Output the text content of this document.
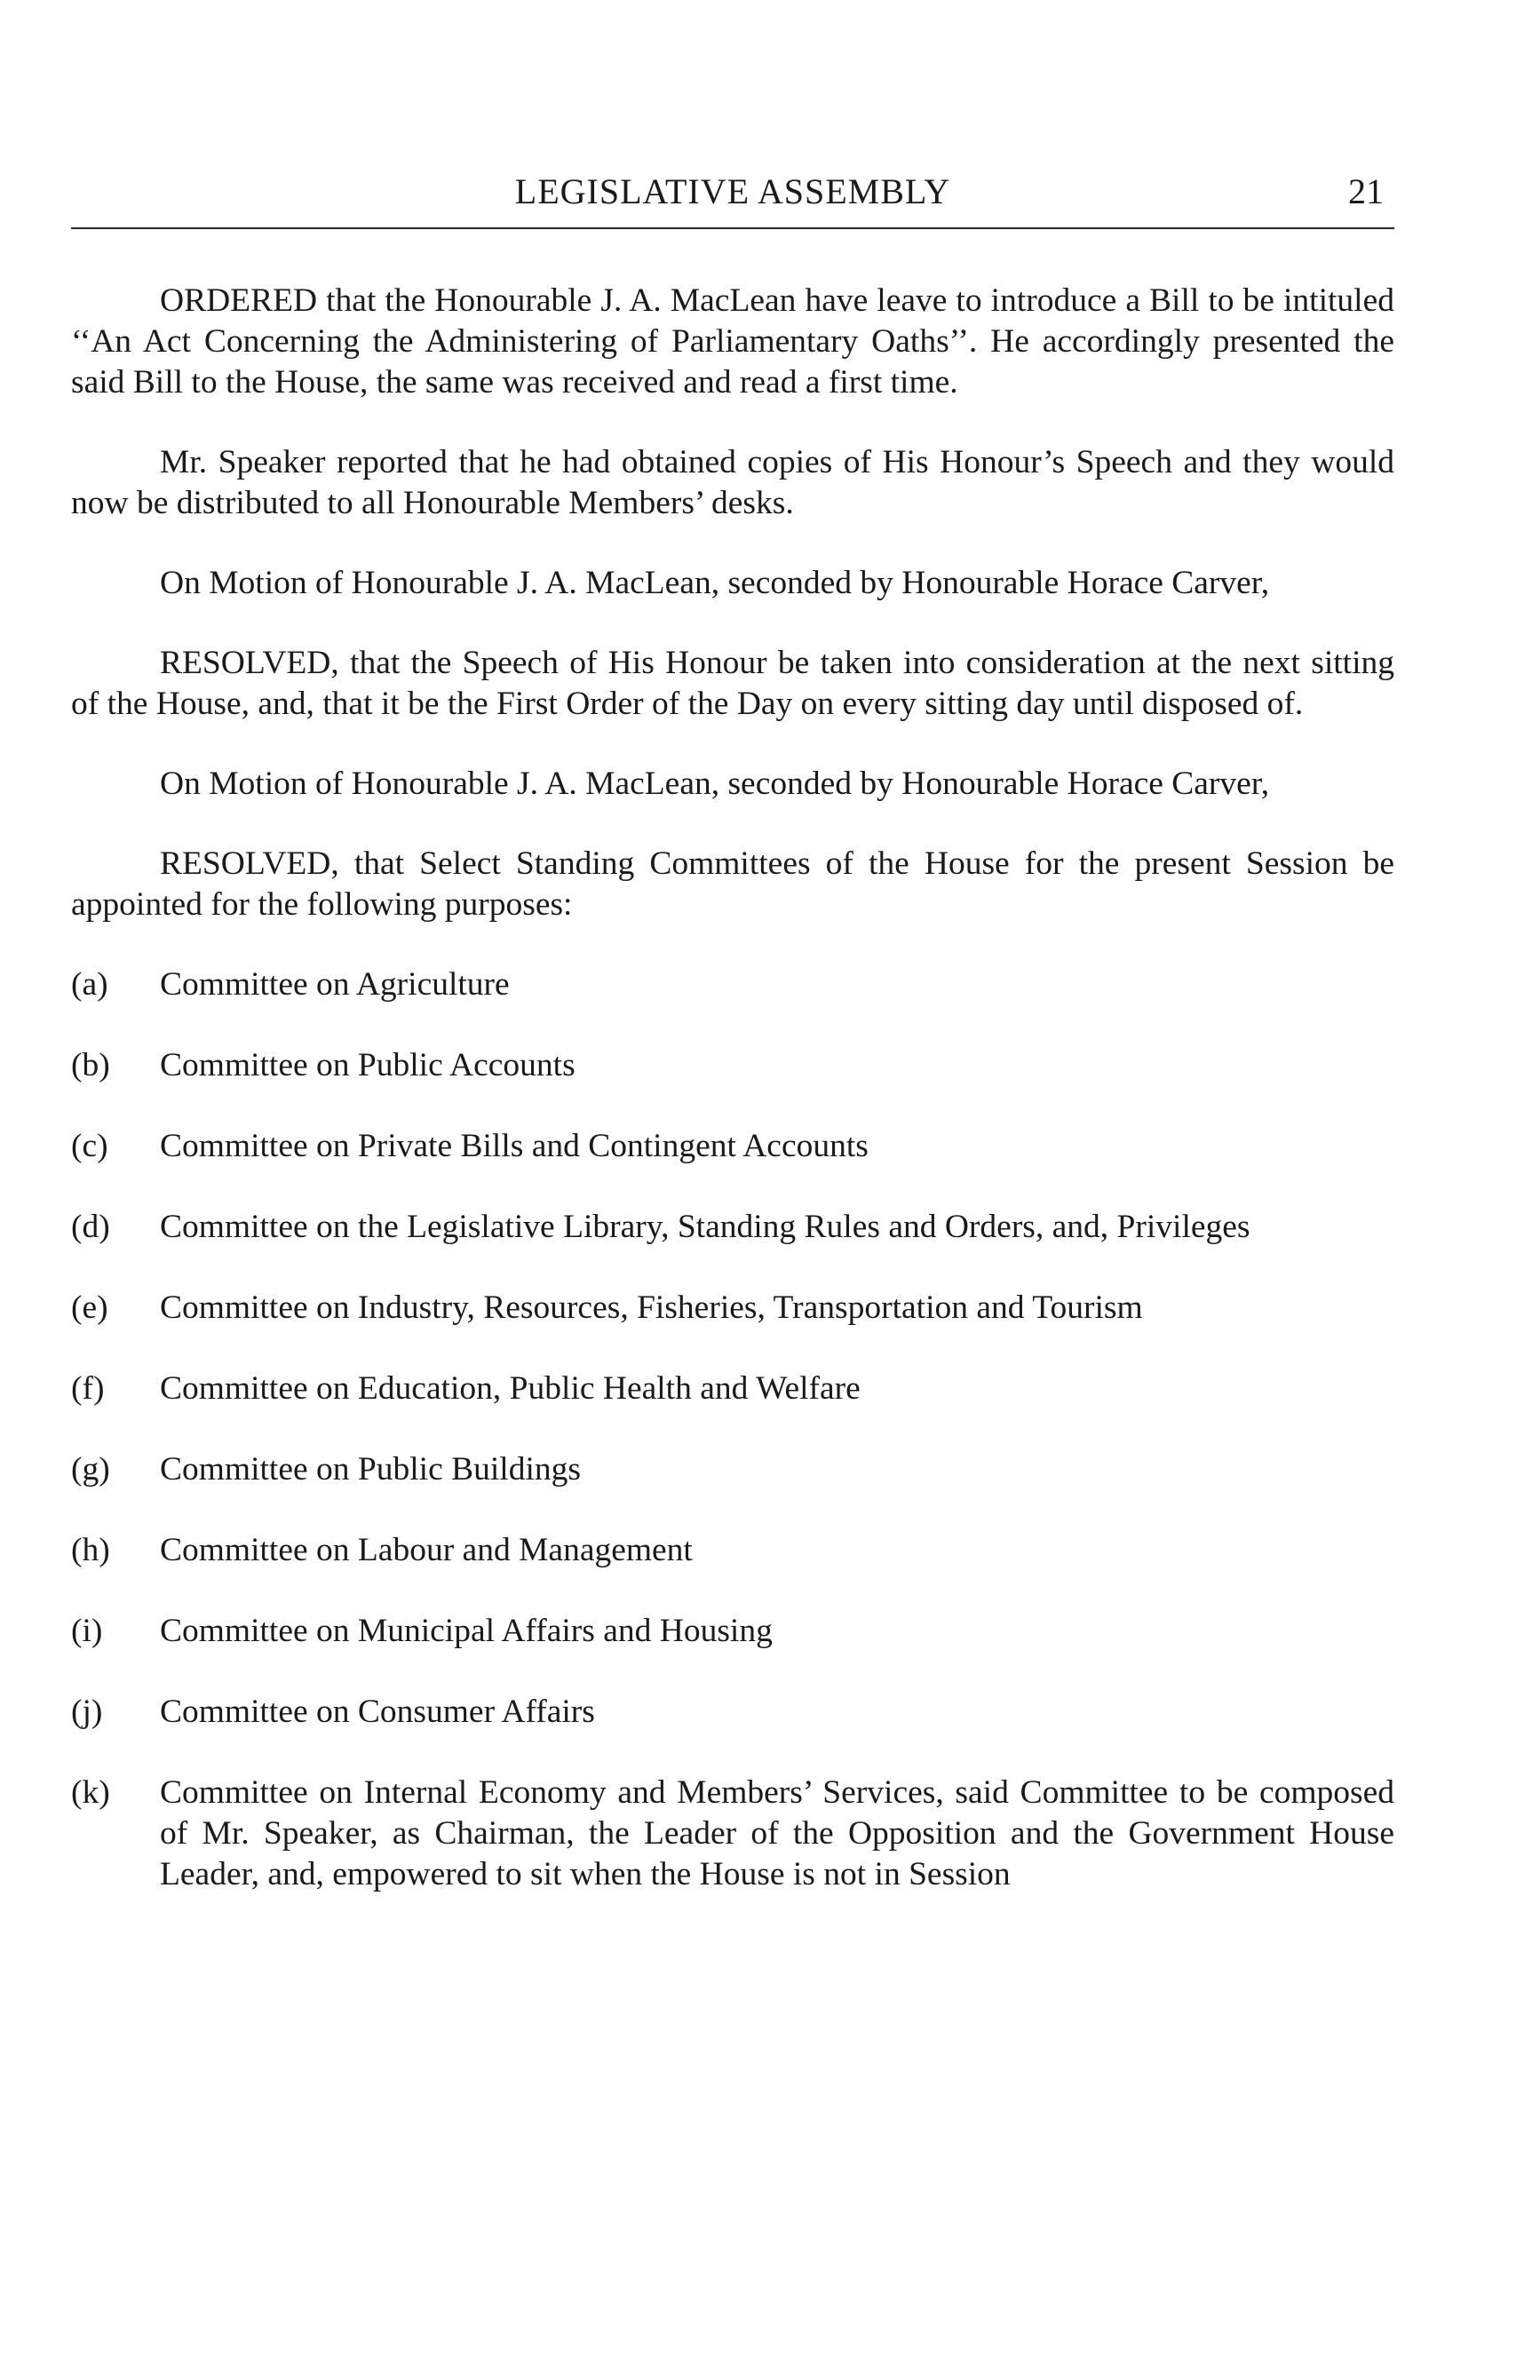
LEGISLATIVE ASSEMBLY	21

ORDERED that the Honourable J. A. MacLean have leave to introduce a Bill to be intituled ‘‘An Act Concerning the Administering of Parliamentary Oaths’’. He accordingly presented the said Bill to the House, the same was received and read a first time.

Mr. Speaker reported that he had obtained copies of His Honour’s Speech and they would now be distributed to all Honourable Members’ desks.

On Motion of Honourable J. A. MacLean, seconded by Honourable Horace Carver,

RESOLVED, that the Speech of His Honour be taken into consideration at the next sitting of the House, and, that it be the First Order of the Day on every sitting day until disposed of.

On Motion of Honourable J. A. MacLean, seconded by Honourable Horace Carver,

RESOLVED, that Select Standing Committees of the House for the present Session be appointed for the following purposes:

(a)	Committee on Agriculture
(b)	Committee on Public Accounts
(c)	Committee on Private Bills and Contingent Accounts
(d)	Committee on the Legislative Library, Standing Rules and Orders, and, Privileges
(e)	Committee on Industry, Resources, Fisheries, Transportation and Tourism
(f)	Committee on Education, Public Health and Welfare
(g)	Committee on Public Buildings
(h)	Committee on Labour and Management
(i)	Committee on Municipal Affairs and Housing
(j)	Committee on Consumer Affairs
(k)	Committee on Internal Economy and Members’ Services, said Committee to be composed of Mr. Speaker, as Chairman, the Leader of the Opposition and the Government House Leader, and, empowered to sit when the House is not in Session
